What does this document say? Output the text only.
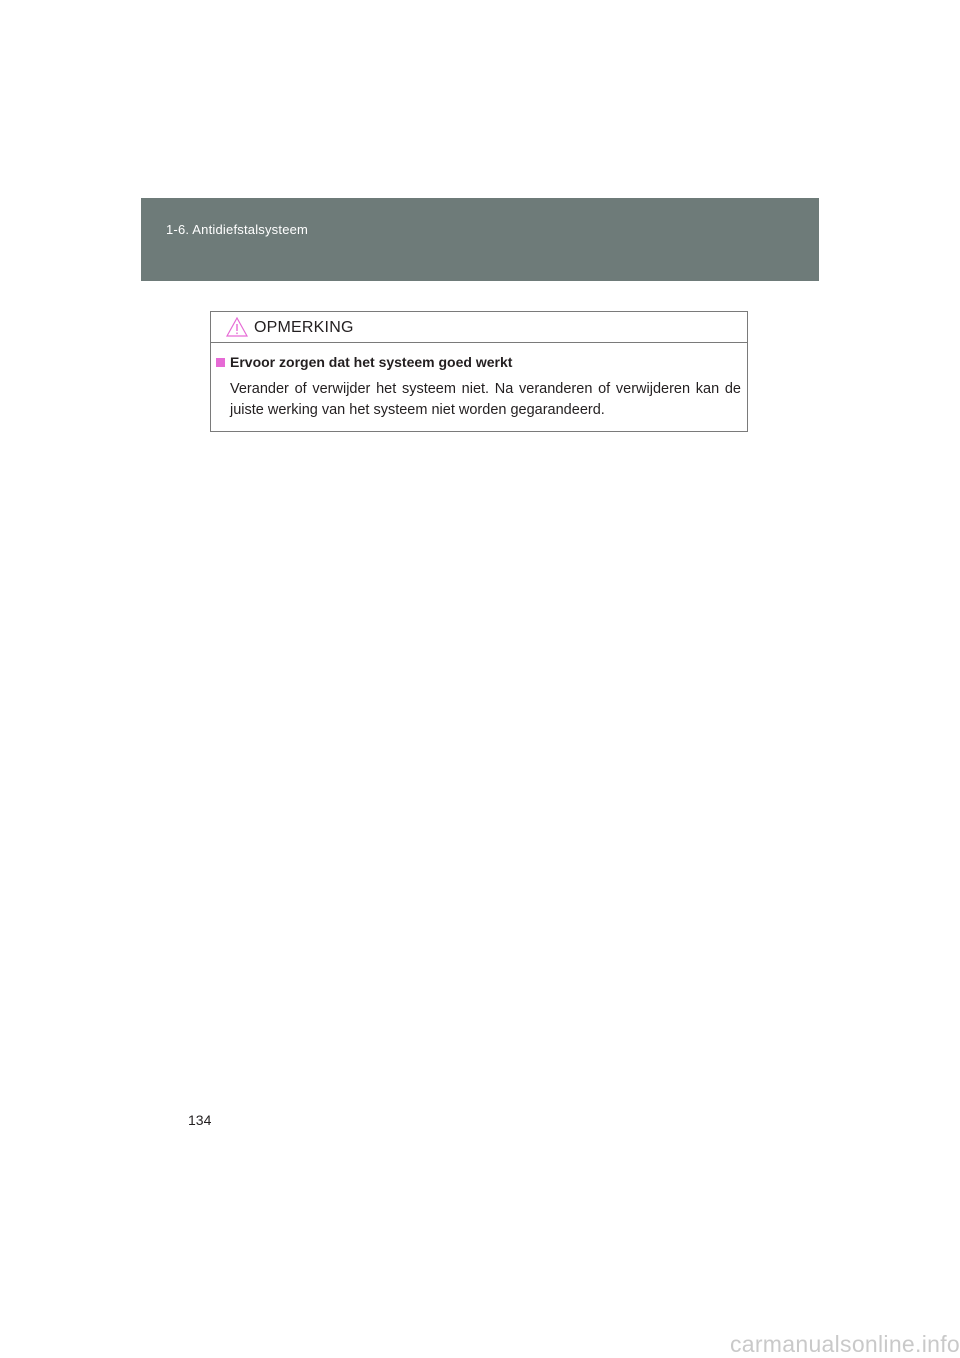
1-6. Antidiefstalsysteem
OPMERKING
Ervoor zorgen dat het systeem goed werkt
Verander of verwijder het systeem niet. Na veranderen of verwijderen kan de juiste werking van het systeem niet worden gegarandeerd.
134
carmanualsonline.info
